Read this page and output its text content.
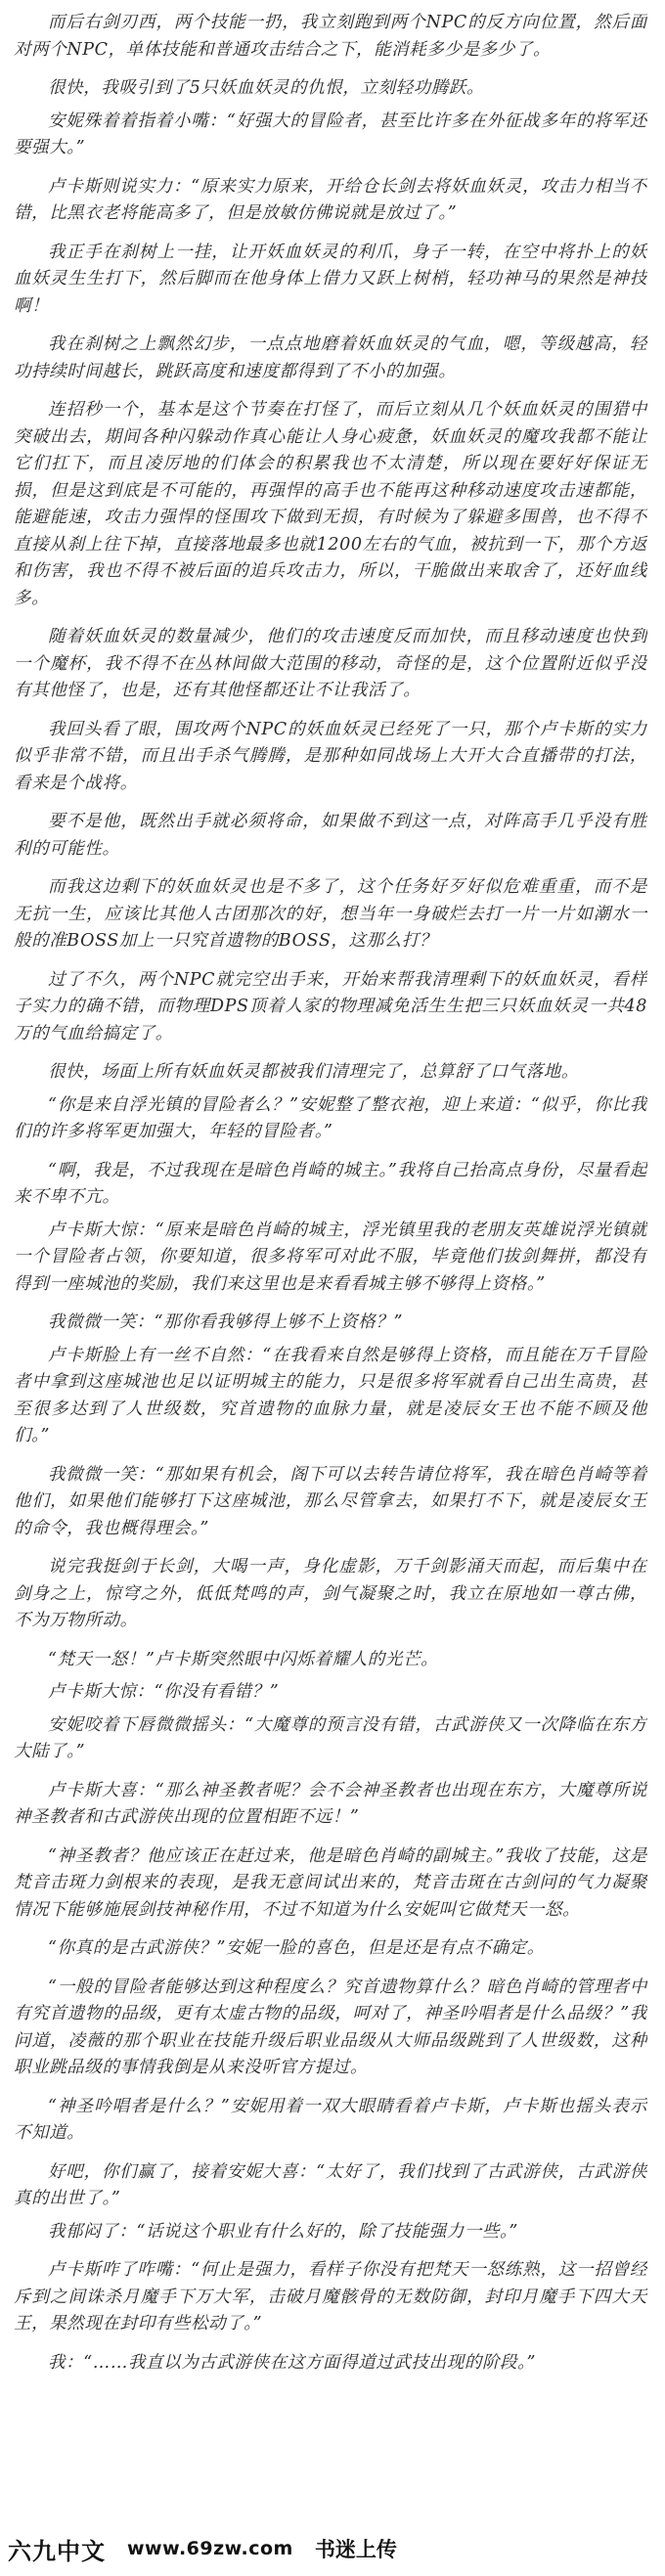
而后右剑刃西，两个技能一扔，我立刻跑到两个NPC的反方向位置，然后面对两个NPC，单体技能和普通攻击结合之下，能消耗多少是多少了。

很快，我吸引到了5只妖血妖灵的仇恨，立刻轻功腾跃。

安妮殊着着指着小嘴：“好强大的冒险者，甚至比许多在外征战多年的将军还要强大。”

卢卡斯则说实力：“原来实力原来，开给仓长剑去将妖血妖灵，攻击力相当不错，比黑衣老将能高多了，但是放敏仿佛说就是放过了。”

我正手在刹树上一挂，让开妖血妖灵的利爪，身子一转，在空中将扑上的妖血妖灵生生打下，然后脚而在他身体上借力又跃上树梢，轻功神马的果然是神技啊！

我在刹树之上飘然幻步，一点点地磨着妖血妖灵的气血，嗯，等级越高，轻功持续时间越长，跳跃高度和速度都得到了不小的加强。

连招秒一个，基本是这个节奏在打怪了，而后立刻从几个妖血妖灵的围猎中突破出去，期间各种闪躲动作真心能让人身心疲惫，妖血妖灵的魔攻我都不能让它们扛下，而且凌厉地的们体会的积累我也不太清楚，所以现在要好好保证无损，但是这到底是不可能的，再强悍的高手也不能再这种移动速度攻击速都能，能避能速，攻击力强悍的怪围攻下做到无损，有时候为了躲避多围兽，也不得不直接从刹上往下掉，直接落地最多也就1200左右的气血，被抗到一下，那个方返和伤害，我也不得不被后面的追兵攻击力，所以，干脆做出来取舍了，还好血线多。

随着妖血妖灵的数量减少，他们的攻击速度反而加快，而且移动速度也快到一个魔杯，我不得不在丛林间做大范围的移动，奇怪的是，这个位置附近似乎没有其他怪了，也是，还有其他怪都还让不让我活了。

我回头看了眼，围攻两个NPC的妖血妖灵已经死了一只，那个卢卡斯的实力似乎非常不错，而且出手杀气腾腾，是那种如同战场上大开大合直播带的打法，看来是个战将。

要不是他，既然出手就必须将命，如果做不到这一点，对阵高手几乎没有胜利的可能性。

而我这边剩下的妖血妖灵也是不多了，这个任务好歹好似危难重重，而不是无抗一生，应该比其他人古团那次的好，想当年一身破烂去打一片一片如潮水一般的准BOSS加上一只究首遗物的BOSS，这那么打？

过了不久，两个NPC就完空出手来，开始来帮我清理剩下的妖血妖灵，看样子实力的确不错，而物理DPS顶着人家的物理减免活生生把三只妖血妖灵一共48万的气血给搞定了。

很快，场面上所有妖血妖灵都被我们清理完了，总算舒了口气落地。

“你是来自浮光镇的冒险者么？”安妮整了整衣袍，迎上来道：“似乎，你比我们的许多将军更加强大，年轻的冒险者。”

“啊，我是，不过我现在是暗色肖崎的城主。”我将自己抬高点身份，尽量看起来不卑不亢。

卢卡斯大惊：“原来是暗色肖崎的城主，浮光镇里我的老朋友英雄说浮光镇就一个冒险者占领，你要知道，很多将军可对此不服，毕竟他们拔剑舞拼，都没有得到一座城池的奖励，我们来这里也是来看看城主够不够得上资格。”

我微微一笑：“那你看我够得上够不上资格？”

卢卡斯脸上有一丝不自然：“在我看来自然是够得上资格，而且能在万千冒险者中拿到这座城池也足以证明城主的能力，只是很多将军就看自己出生高贵，甚至很多达到了人世级数，究首遗物的血脉力量，就是凌辰女王也不能不顾及他们。”

我微微一笑：“那如果有机会，阁下可以去转告请位将军，我在暗色肖崎等着他们，如果他们能够打下这座城池，那么尽管拿去，如果打不下，就是凌辰女王的命令，我也概得理会。”

说完我挺剑于长剑，大喝一声，身化虚影，万千剑影涌天而起，而后集中在剑身之上，惊穹之外，低低梵鸣的声，剑气凝聚之时，我立在原地如一尊古佛，不为万物所动。

“梵天一怒！”卢卡斯突然眼中闪烁着耀人的光芒。

卢卡斯大惊：“你没有看错？”

安妮咬着下唇微微摇头：“大魔尊的预言没有错，古武游侠又一次降临在东方大陆了。”

卢卡斯大喜：“那么神圣教者呢？会不会神圣教者也出现在东方，大魔尊所说神圣教者和古武游侠出现的位置相距不远！”

“神圣教者？他应该正在赶过来，他是暗色肖崎的副城主。”我收了技能，这是梵音击斑力剑根来的表现，是我无意间试出来的，梵音击斑在古剑问的气力凝聚情况下能够施展剑技神秘作用，不过不知道为什么安妮叫它做梵天一怒。

“你真的是古武游侠？”安妮一脸的喜色，但是还是有点不确定。

“一般的冒险者能够达到这种程度么？究首遗物算什么？暗色肖崎的管理者中有究首遗物的品级，更有太虚古物的品级，呵对了，神圣吟唱者是什么品级？”我问道，凌薇的那个职业在技能升级后职业品级从大师品级跳到了人世级数，这种职业跳品级的事情我倒是从来没听官方提过。

“神圣吟唱者是什么？”安妮用着一双大眼睛看着卢卡斯，卢卡斯也摇头表示不知道。

好吧，你们赢了，接着安妮大喜：“太好了，我们找到了古武游侠，古武游侠真的出世了。”

我郁闷了：“话说这个职业有什么好的，除了技能强力一些。”

卢卡斯咋了咋嘴：“何止是强力，看样子你没有把梵天一怒练熟，这一招曾经斥到之间诛杀月魔手下万大军，击破月魔骸骨的无数防御，封印月魔手下四大天王，果然现在封印有些松动了。”

我：“……我直以为古武游侠在这方面得道过武技出现的阶段。”

六九中文 www.69zw.com 书迷上传
